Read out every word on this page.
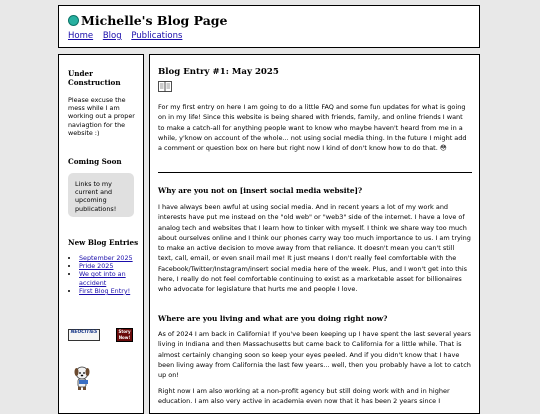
Michelle's Blog Page
Home Blog Publications
Under Construction
Please excuse the mess while I am working out a proper naviagtion for the website :)
Coming Soon
Links to my current and upcoming publications!
New Blog Entries
• September 2025
• Pride 2025
• We got into an accident
• First Blog Entry!
NEOCITIES	Story Now!
Blog Entry #1: May 2025

For my first entry on here I am going to do a little FAQ and some fun updates for what is going on in my life! Since this website is being shared with friends, family, and online friends I want to make a catch-all for anything people want to know who maybe haven't heard from me in a while, y'know on account of the whole... not using social media thing. In the future I might add a comment or question box on here but right now I kind of don't know how to do that. 😳

Why are you not on [insert social media website]?

I have always been awful at using social media. And in recent years a lot of my work and interests have put me instead on the "old web" or "web3" side of the internet. I have a love of analog tech and websites that I learn how to tinker with myself. I think we share way too much about ourselves online and I think our phones carry way too much importance to us. I am trying to make an active decision to move away from that reliance. It doesn't mean you can't still text, call, email, or even snail mail me! It just means I don't really feel comfortable with the Facebook/Twitter/Instagram/insert social media here of the week. Plus, and I won't get into this here, I really do not feel comfortable continuing to exist as a marketable asset for billionaires who advocate for legislature that hurts me and people I love.

Where are you living and what are you doing right now?

As of 2024 I am back in California! If you've been keeping up I have spent the last several years living in Indiana and then Massachusetts but came back to California for a little while. That is almost certainly changing soon so keep your eyes peeled. And if you didn't know that I have been living away from California the last few years... well, then you probably have a lot to catch up on!

Right now I am also working at a non-profit agency but still doing work with and in higher education. I am also very active in academia even now that it has been 2 years since I
